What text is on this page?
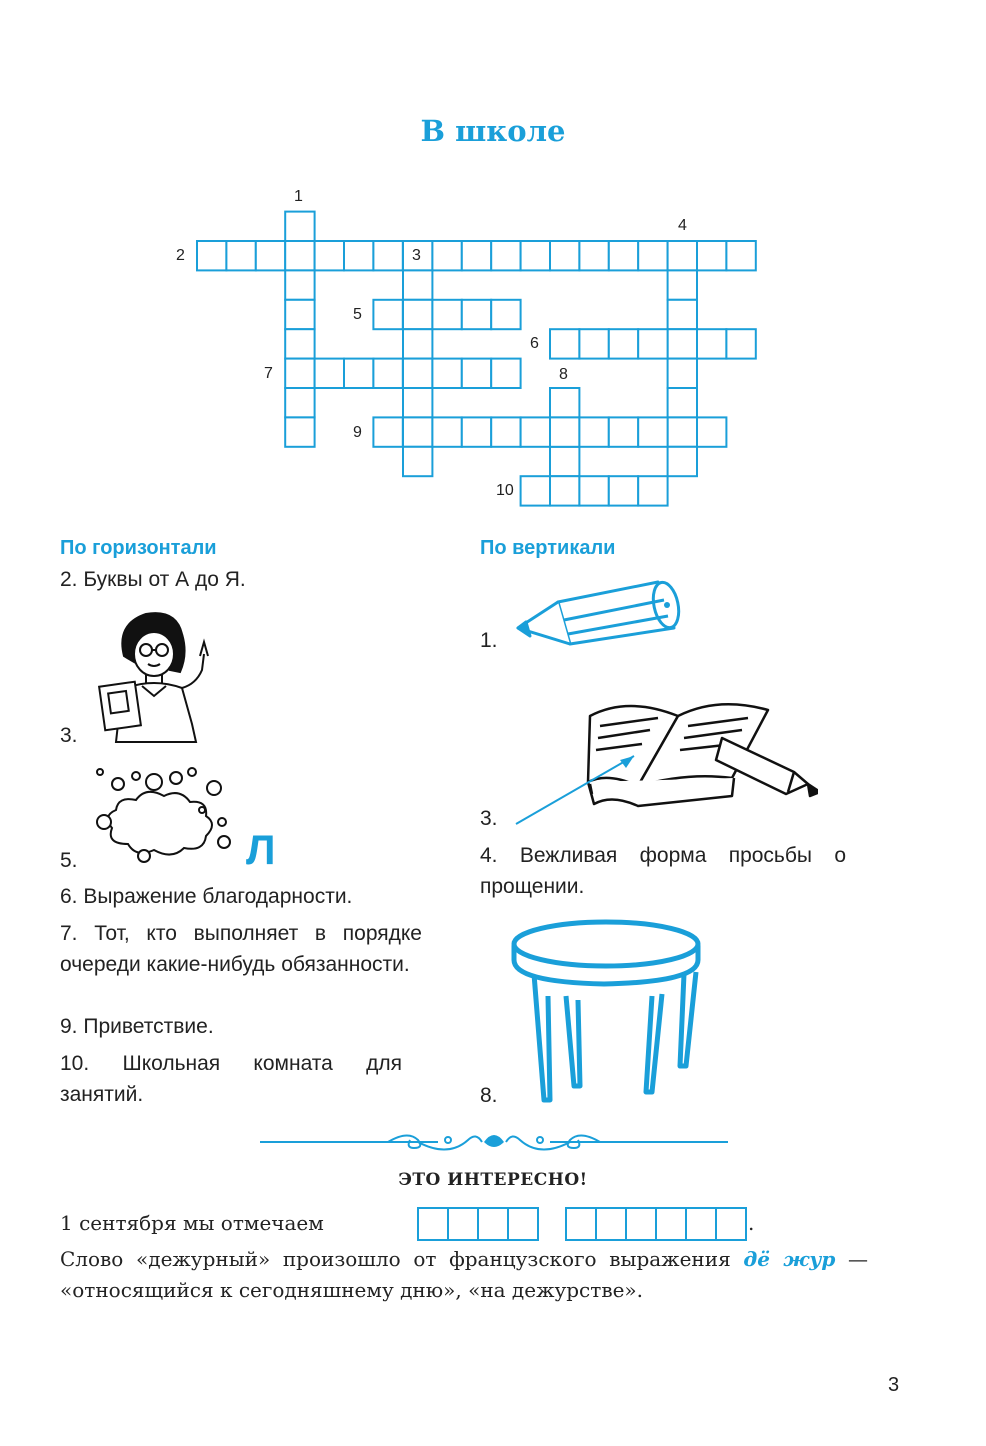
В школе
1
2	3
4
5
6
7	8
9
10
По горизонтали
2. Буквы от А до Я.
3.
5.	Л
6. Выражение благодарности.
7. Тот, кто выполняет в порядке очереди какие-нибудь обязанности.
9. Приветствие.
10. Школьная комната для занятий.
По вертикали
1.
3.
4. Вежливая форма просьбы о прощении.
8.
ЭТО ИНТЕРЕСНО!
1 сентября мы отмечаем	.
Слово «дежурный» произошло от французского выражения дё жур — «относящийся к сегодняшнему дню», «на дежурстве».
3
